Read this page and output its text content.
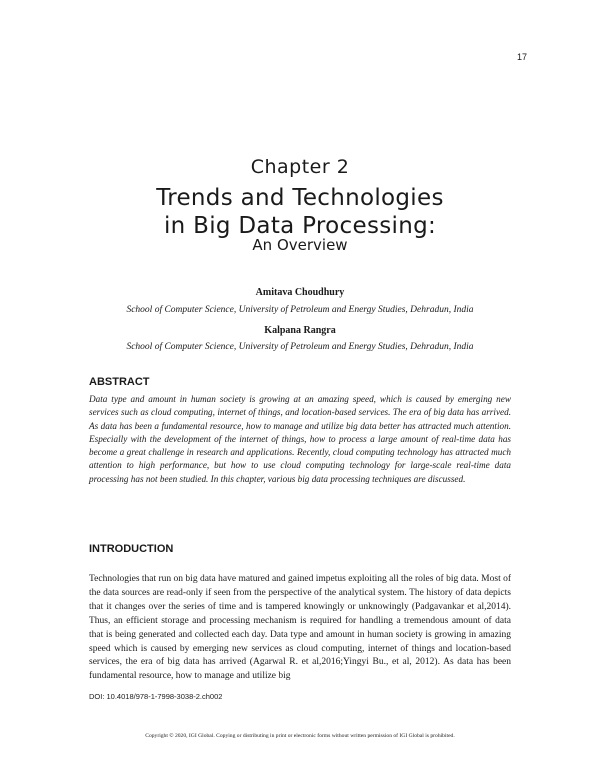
17
Chapter 2
Trends and Technologies
in Big Data Processing:
An Overview
Amitava Choudhury
School of Computer Science, University of Petroleum and Energy Studies, Dehradun, India
Kalpana Rangra
School of Computer Science, University of Petroleum and Energy Studies, Dehradun, India
ABSTRACT

Data type and amount in human society is growing at an amazing speed, which is caused by emerging new services such as cloud computing, internet of things, and location-based services. The era of big data has arrived. As data has been a fundamental resource, how to manage and utilize big data better has attracted much attention. Especially with the development of the internet of things, how to process a large amount of real-time data has become a great challenge in research and applications. Recently, cloud computing technology has attracted much attention to high performance, but how to use cloud computing technology for large-scale real-time data processing has not been studied. In this chapter, various big data processing techniques are discussed.

INTRODUCTION

Technologies that run on big data have matured and gained impetus exploiting all the roles of big data. Most of the data sources are read-only if seen from the perspective of the analytical system. The history of data depicts that it changes over the series of time and is tampered knowingly or unknowingly (Padgavankar et al,2014). Thus, an efficient storage and processing mechanism is required for handling a tremendous amount of data that is being generated and collected each day. Data type and amount in human society is growing in amazing speed which is caused by emerging new services as cloud computing, internet of things and location-based services, the era of big data has arrived (Agarwal R. et al,2016;Yingyi Bu., et al, 2012). As data has been fundamental resource, how to manage and utilize big

DOI: 10.4018/978-1-7998-3038-2.ch002
Copyright © 2020, IGI Global. Copying or distributing in print or electronic forms without written permission of IGI Global is prohibited.
